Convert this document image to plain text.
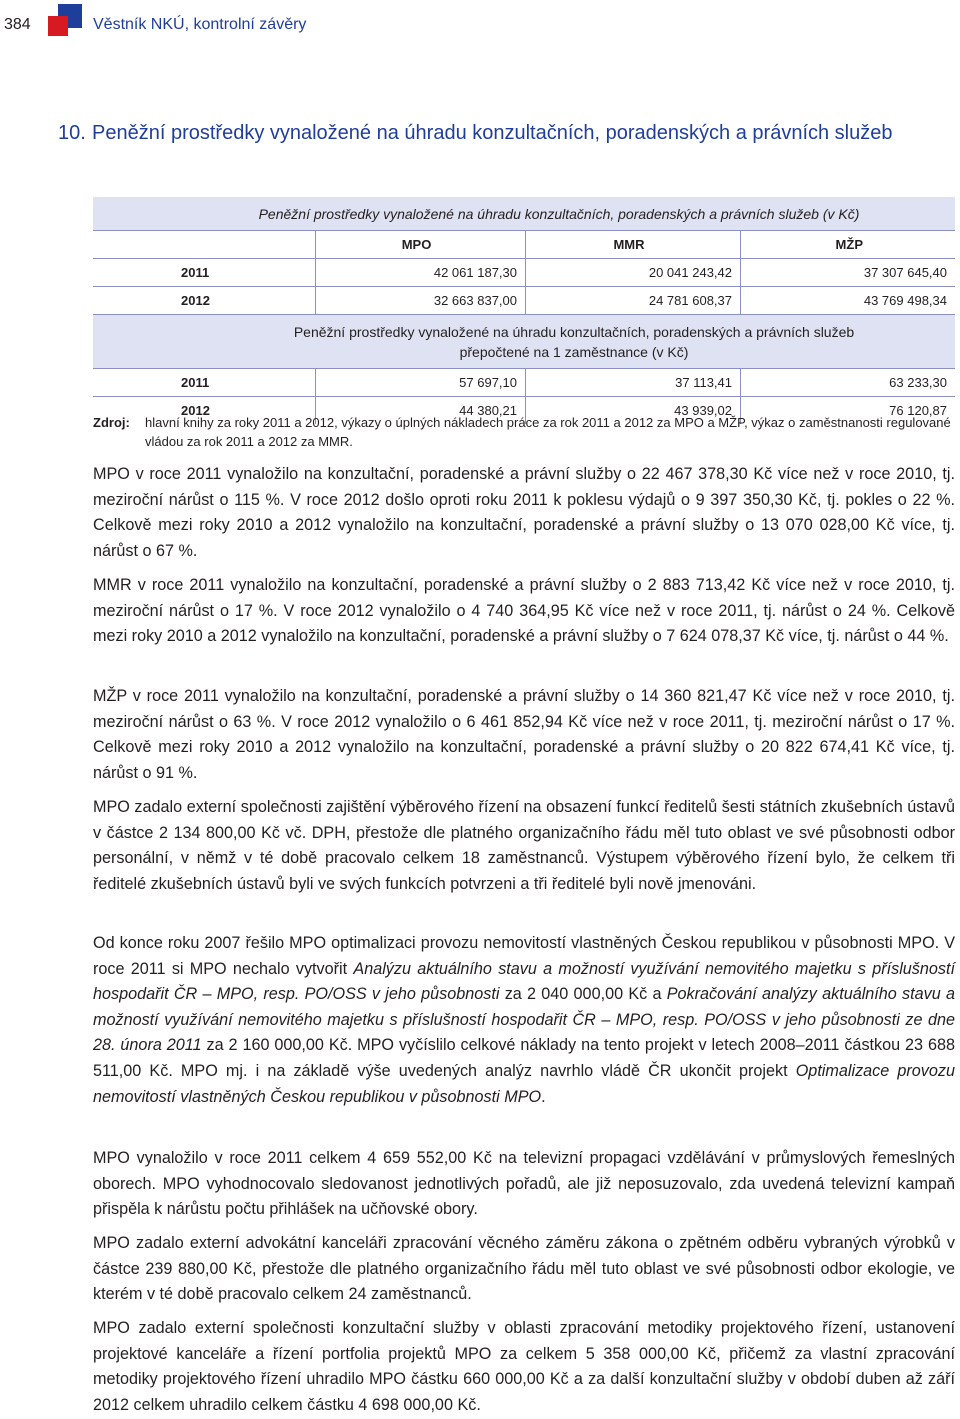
384	Věstník NKÚ, kontrolní závěry
10. Peněžní prostředky vynaložené na úhradu konzultačních, poradenských a právních služeb
Peněžní prostředky vynaložené na úhradu konzultačních, poradenských a právních služeb (v Kč)
MPO	MMR	MŽP
2011	42 061 187,30	20 041 243,42	37 307 645,40
2012	32 663 837,00	24 781 608,37	43 769 498,34
Peněžní prostředky vynaložené na úhradu konzultačních, poradenských a právních služeb
přepočtené na 1 zaměstnance (v Kč)
2011	57 697,10	37 113,41	63 233,30
2012	44 380,21	43 939,02	76 120,87
Zdroj: hlavní knihy za roky 2011 a 2012, výkazy o úplných nákladech práce za rok 2011 a 2012 za MPO a MŽP, výkaz o zaměstnanosti regulované vládou za rok 2011 a 2012 za MMR.

MPO v roce 2011 vynaložilo na konzultační, poradenské a právní služby o 22 467 378,30 Kč více než v roce 2010, tj. meziroční nárůst o 115 %. V roce 2012 došlo oproti roku 2011 k poklesu výdajů o 9 397 350,30 Kč, tj. pokles o 22 %. Celkově mezi roky 2010 a 2012 vynaložilo na konzultační, poradenské a právní služby o 13 070 028,00 Kč více, tj. nárůst o 67 %.

MMR v roce 2011 vynaložilo na konzultační, poradenské a právní služby o 2 883 713,42 Kč více než v roce 2010, tj. meziroční nárůst o 17 %. V roce 2012 vynaložilo o 4 740 364,95 Kč více než v roce 2011, tj. nárůst o 24 %. Celkově mezi roky 2010 a 2012 vynaložilo na konzultační, poradenské a právní služby o 7 624 078,37 Kč více, tj. nárůst o 44 %.

MŽP v roce 2011 vynaložilo na konzultační, poradenské a právní služby o 14 360 821,47 Kč více než v roce 2010, tj. meziroční nárůst o 63 %. V roce 2012 vynaložilo o 6 461 852,94 Kč více než v roce 2011, tj. meziroční nárůst o 17 %. Celkově mezi roky 2010 a 2012 vynaložilo na konzultační, poradenské a právní služby o 20 822 674,41 Kč více, tj. nárůst o 91 %.

MPO zadalo externí společnosti zajištění výběrového řízení na obsazení funkcí ředitelů šesti státních zkušebních ústavů v částce 2 134 800,00 Kč vč. DPH, přestože dle platného organizačního řádu měl tuto oblast ve své působnosti odbor personální, v němž v té době pracovalo celkem 18 zaměstnanců. Výstupem výběrového řízení bylo, že celkem tři ředitelé zkušebních ústavů byli ve svých funkcích potvrzeni a tři ředitelé byli nově jmenováni.

Od konce roku 2007 řešilo MPO optimalizaci provozu nemovitostí vlastněných Českou republikou v působnosti MPO. V roce 2011 si MPO nechalo vytvořit Analýzu aktuálního stavu a možností využívání nemovitého majetku s příslušností hospodařit ČR – MPO, resp. PO/OSS v jeho působnosti za 2 040 000,00 Kč a Pokračování analýzy aktuálního stavu a možností využívání nemovitého majetku s příslušností hospodařit ČR – MPO, resp. PO/OSS v jeho působnosti ze dne 28. února 2011 za 2 160 000,00 Kč. MPO vyčíslilo celkové náklady na tento projekt v letech 2008–2011 částkou 23 688 511,00 Kč. MPO mj. i na základě výše uvedených analýz navrhlo vládě ČR ukončit projekt Optimalizace provozu nemovitostí vlastněných Českou republikou v působnosti MPO.

MPO vynaložilo v roce 2011 celkem 4 659 552,00 Kč na televizní propagaci vzdělávání v průmyslových řemeslných oborech. MPO vyhodnocovalo sledovanost jednotlivých pořadů, ale již neposuzovalo, zda uvedená televizní kampaň přispěla k nárůstu počtu přihlášek na učňovské obory.

MPO zadalo externí advokátní kanceláři zpracování věcného záměru zákona o zpětném odběru vybraných výrobků v částce 239 880,00 Kč, přestože dle platného organizačního řádu měl tuto oblast ve své působnosti odbor ekologie, ve kterém v té době pracovalo celkem 24 zaměstnanců.

MPO zadalo externí společnosti konzultační služby v oblasti zpracování metodiky projektového řízení, ustanovení projektové kanceláře a řízení portfolia projektů MPO za celkem 5 358 000,00 Kč, přičemž za vlastní zpracování metodiky projektového řízení uhradilo MPO částku 660 000,00 Kč a za další konzultační služby v období duben až září 2012 celkem uhradilo celkem částku 4 698 000,00 Kč.
